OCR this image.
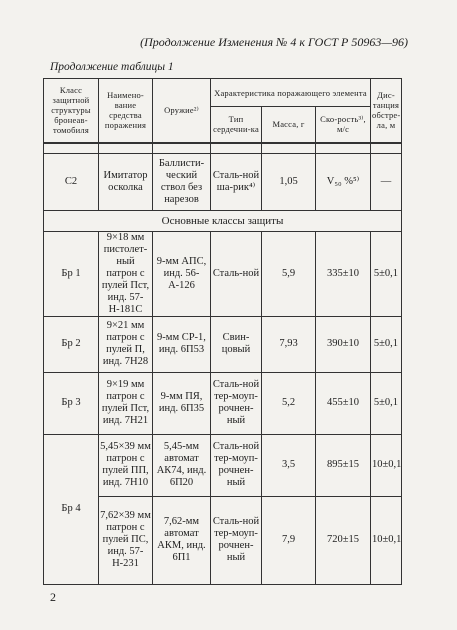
(Продолжение Изменения № 4 к ГОСТ Р 50963—96)
Продолжение таблицы 1
Класс защитной структуры бронеав-томобиля	Наимено-вание средства поражения	Оружие²⁾	Характеристика поражающего элемента			Дис-танция обстре-ла, м
			Тип сердечни-ка	Масса, г	Ско-рость³⁾, м/с	

С2	Имитатор осколка	Баллисти-ческий ствол без нарезов	Сталь-ной ша-рик⁴⁾	1,05	V₅₀ %⁵⁾	—
Основные классы защиты						
Бр 1	9×18 мм пистолет-ный патрон с пулей Пст, инд. 57-Н-181С	9-мм АПС, инд. 56-А-126	Сталь-ной	5,9	335±10	5±0,1
Бр 2	9×21 мм патрон с пулей П, инд. 7Н28	9-мм СР-1, инд. 6П53	Свин-цовый	7,93	390±10	5±0,1
Бр 3	9×19 мм патрон с пулей Пст, инд. 7Н21	9-мм ПЯ, инд. 6П35	Сталь-ной тер-моуп-рочнен-ный	5,2	455±10	5±0,1
Бр 4	5,45×39 мм патрон с пулей ПП, инд. 7Н10	5,45-мм автомат АК74, инд. 6П20	Сталь-ной тер-моуп-рочнен-ный	3,5	895±15	10±0,1
	7,62×39 мм патрон с пулей ПС, инд. 57-Н-231	7,62-мм автомат АКМ, инд. 6П1	Сталь-ной тер-моуп-рочнен-ный	7,9	720±15	10±0,1
2
